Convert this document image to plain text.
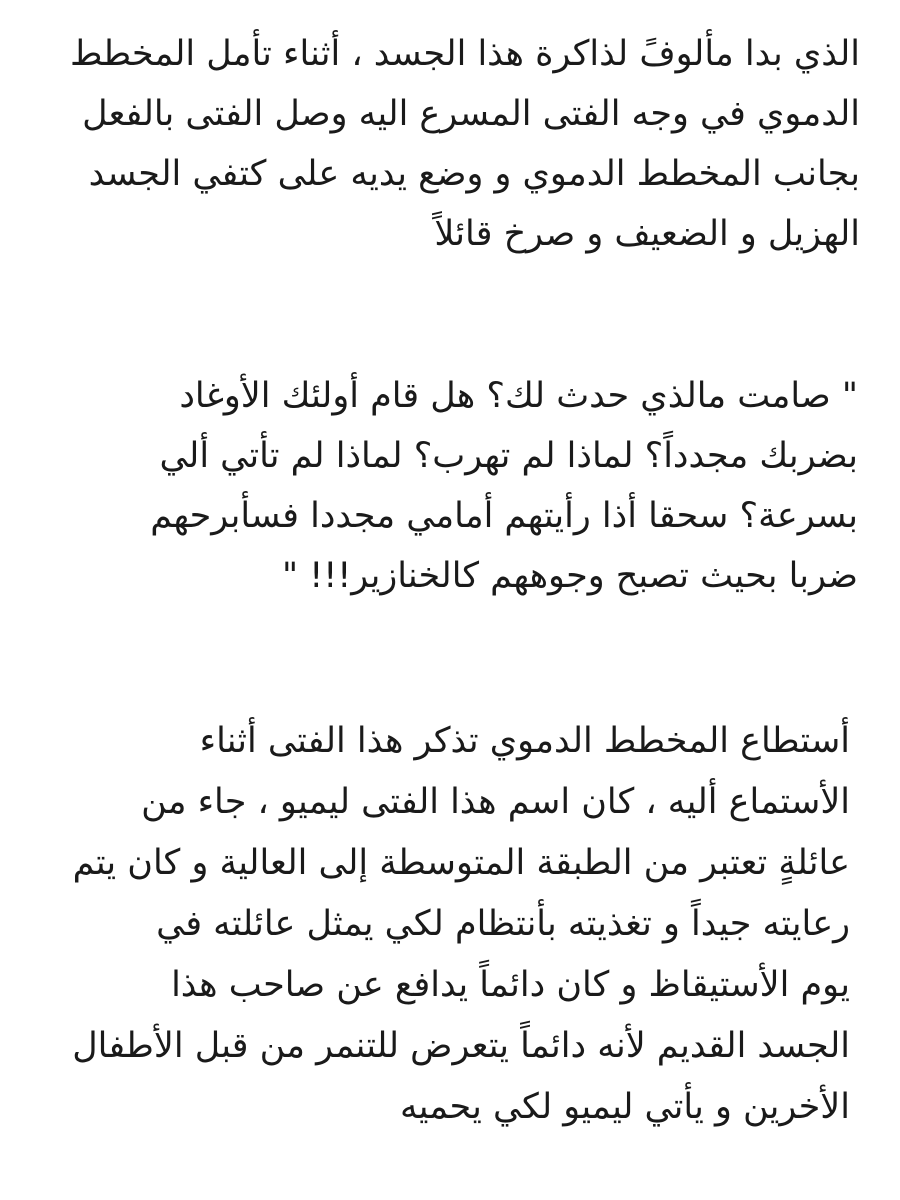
الذي بدا مألوفً لذاكرة هذا الجسد ، أثناء تأمل المخطط
الدموي في وجه الفتى المسرع اليه وصل الفتى بالفعل
بجانب المخطط الدموي و وضع يديه على كتفي الجسد
الهزيل و الضعيف و صرخ قائلاً
" صامت مالذي حدث لك؟ هل قام أولئك الأوغاد
بضربك مجدداً؟ لماذا لم تهرب؟ لماذا لم تأتي ألي
بسرعة؟ سحقا أذا رأيتهم أمامي مجددا فسأبرحهم
ضربا بحيث تصبح وجوههم كالخنازير!!! "
أستطاع المخطط الدموي تذكر هذا الفتى أثناء
الأستماع أليه ، كان اسم هذا الفتى ليميو ، جاء من
عائلةٍ تعتبر من الطبقة المتوسطة إلى العالية و كان يتم
رعايته جيداً و تغذيته بأنتظام لكي يمثل عائلته في
يوم الأستيقاظ و كان دائماً يدافع عن صاحب هذا
الجسد القديم لأنه دائماً يتعرض للتنمر من قبل الأطفال
الأخرين و يأتي ليميو لكي يحميه
